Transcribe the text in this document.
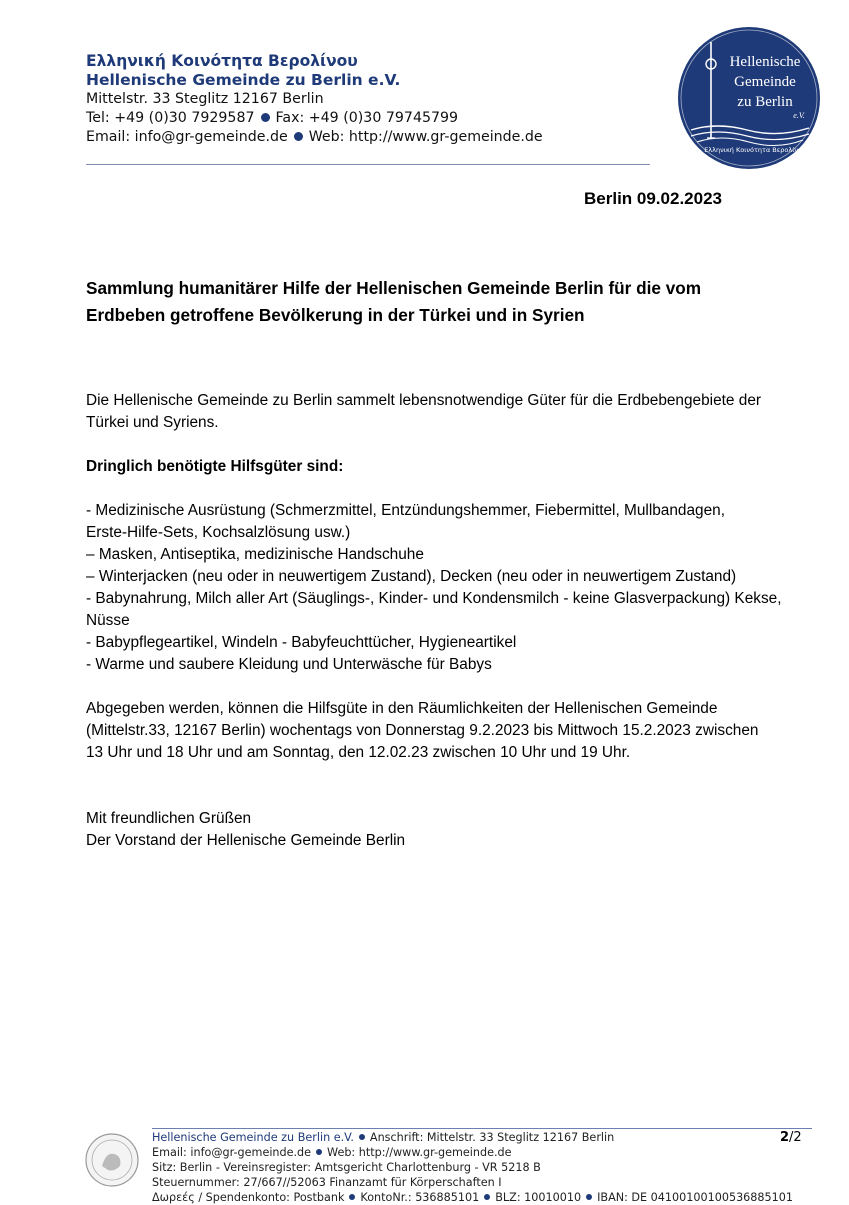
Ελληνική Κοινότητα Βερολίνου
Hellenische Gemeinde zu Berlin e.V.
Mittelstr. 33 Steglitz 12167 Berlin
Tel: +49 (0)30 7929587 Fax: +49 (0)30 79745799
Email: info@gr-gemeinde.de Web: http://www.gr-gemeinde.de
Hellenische
Gemeinde
zu Berlin
e.V.
Ελληνική Κοινότητα Βερολίνου
Berlin 09.02.2023
Sammlung humanitärer Hilfe der Hellenischen Gemeinde Berlin für die vom
Erdbeben getroffene Bevölkerung in der Türkei und in Syrien

Die Hellenische Gemeinde zu Berlin sammelt lebensnotwendige Güter für die Erdbebengebiete der

Türkei und Syriens.

Dringlich benötigte Hilfsgüter sind:

- Medizinische Ausrüstung (Schmerzmittel, Entzündungshemmer, Fiebermittel, Mullbandagen,

Erste-Hilfe-Sets, Kochsalzlösung usw.)

– Masken, Antiseptika, medizinische Handschuhe

– Winterjacken (neu oder in neuwertigem Zustand), Decken (neu oder in neuwertigem Zustand)

- Babynahrung, Milch aller Art (Säuglings-, Kinder- und Kondensmilch - keine Glasverpackung) Kekse,

Nüsse

- Babypflegeartikel, Windeln - Babyfeuchttücher, Hygieneartikel

- Warme und saubere Kleidung und Unterwäsche für Babys

Abgegeben werden, können die Hilfsgüte in den Räumlichkeiten der Hellenischen Gemeinde

(Mittelstr.33, 12167 Berlin) wochentags von Donnerstag 9.2.2023 bis Mittwoch 15.2.2023 zwischen

13 Uhr und 18 Uhr und am Sonntag, den 12.02.23 zwischen 10 Uhr und 19 Uhr.

Mit freundlichen Grüßen

Der Vorstand der Hellenische Gemeinde Berlin

Hellenische Gemeinde zu Berlin e.V. Anschrift: Mittelstr. 33 Steglitz 12167 Berlin
Email: info@gr-gemeinde.de Web: http://www.gr-gemeinde.de
Sitz: Berlin - Vereinsregister: Amtsgericht Charlottenburg - VR 5218 B
Steuernummer: 27/667//52063 Finanzamt für Körperschaften I
Δωρεές / Spendenkonto: Postbank KontoNr.: 536885101 BLZ: 10010010 IBAN: DE 04100100100536885101
2/2
